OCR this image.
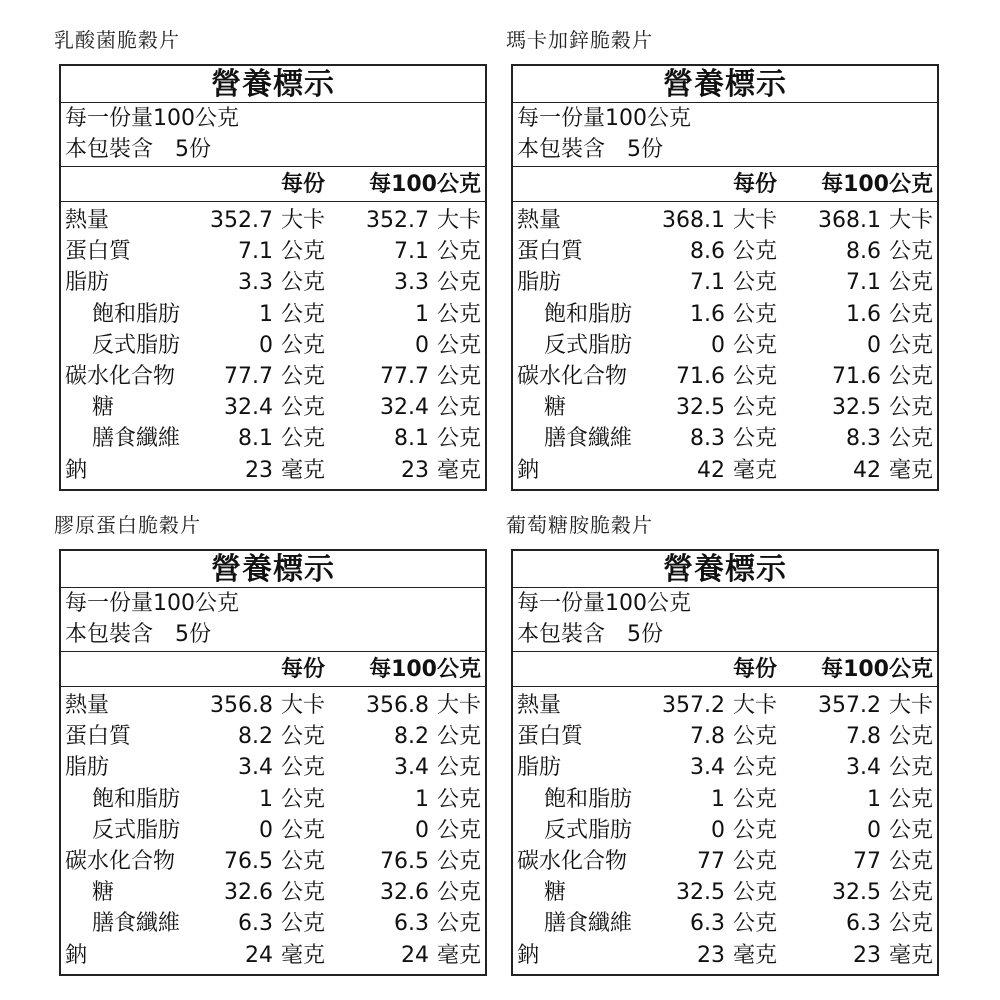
乳酸菌脆穀片
營養標示
每一份量100公克
本包裝含　5份
每份 每100公克
熱量	352.7 大卡 352.7 大卡
蛋白質	7.1 公克	7.1 公克
脂肪	3.3 公克	3.3 公克
飽和脂肪	1 公克	1 公克
反式脂肪	0 公克	0 公克
碳水化合物 77.7 公克	77.7 公克
糖	32.4 公克	32.4 公克
膳食纖維	8.1 公克	8.1 公克
鈉	23 毫克	23 毫克
瑪卡加鋅脆穀片
營養標示
每一份量100公克
本包裝含　5份
每份 每100公克
熱量	368.1 大卡 368.1 大卡
蛋白質	8.6 公克	8.6 公克
脂肪	7.1 公克	7.1 公克
飽和脂肪	1.6 公克	1.6 公克
反式脂肪	0 公克	0 公克
碳水化合物 71.6 公克	71.6 公克
糖	32.5 公克	32.5 公克
膳食纖維	8.3 公克	8.3 公克
鈉	42 毫克	42 毫克
膠原蛋白脆穀片
營養標示
每一份量100公克
本包裝含　5份
每份 每100公克
熱量	356.8 大卡 356.8 大卡
蛋白質	8.2 公克	8.2 公克
脂肪	3.4 公克	3.4 公克
飽和脂肪	1 公克	1 公克
反式脂肪	0 公克	0 公克
碳水化合物 76.5 公克	76.5 公克
糖	32.6 公克	32.6 公克
膳食纖維	6.3 公克	6.3 公克
鈉	24 毫克	24 毫克
葡萄糖胺脆穀片
營養標示
每一份量100公克
本包裝含　5份
每份 每100公克
熱量	357.2 大卡 357.2 大卡
蛋白質	7.8 公克	7.8 公克
脂肪	3.4 公克	3.4 公克
飽和脂肪	1 公克	1 公克
反式脂肪	0 公克	0 公克
碳水化合物	77 公克	77 公克
糖	32.5 公克	32.5 公克
膳食纖維	6.3 公克	6.3 公克
鈉	23 毫克	23 毫克
